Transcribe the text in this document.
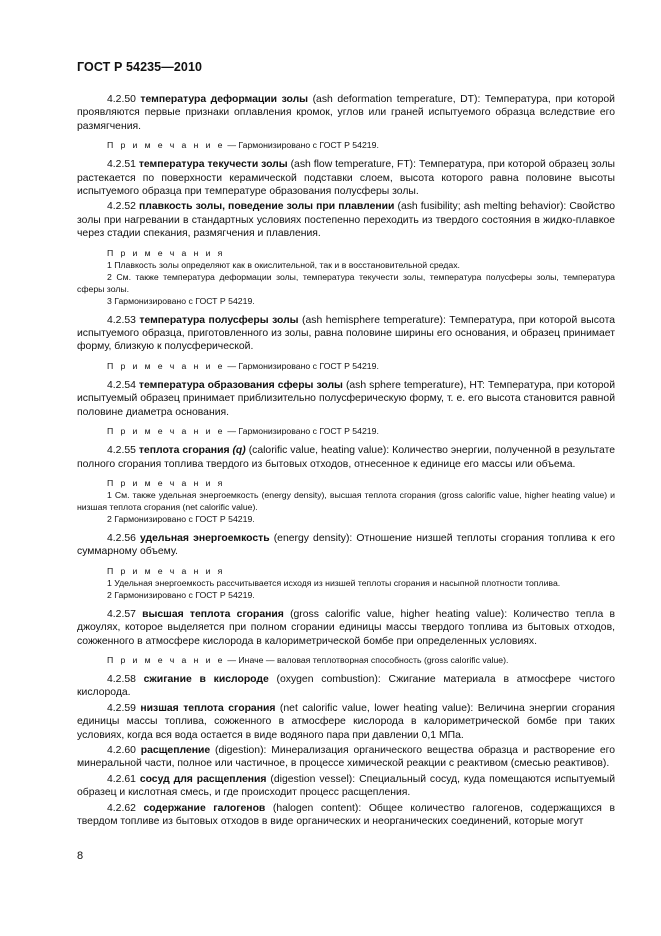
ГОСТ Р 54235—2010

4.2.50 температура деформации золы (ash deformation temperature, DT): Температура, при которой проявляются первые признаки оплавления кромок, углов или граней испытуемого образца вследствие его размягчения.

П р и м е ч а н и е — Гармонизировано с ГОСТ Р 54219.

4.2.51 температура текучести золы (ash flow temperature, FT): Температура, при которой образец золы растекается по поверхности керамической подставки слоем, высота которого равна половине высоты испытуемого образца при температуре образования полусферы золы.

4.2.52 плавкость золы, поведение золы при плавлении (ash fusibility; ash melting behavior): Свойство золы при нагревании в стандартных условиях постепенно переходить из твердого состояния в жидко-плавкое через стадии спекания, размягчения и плавления.

П р и м е ч а н и я

1 Плавкость золы определяют как в окислительной, так и в восстановительной средах.

2 См. также температура деформации золы, температура текучести золы, температура полусферы золы, температура сферы золы.

3 Гармонизировано с ГОСТ Р 54219.

4.2.53 температура полусферы золы (ash hemisphere temperature): Температура, при которой высота испытуемого образца, приготовленного из золы, равна половине ширины его основания, и образец принимает форму, близкую к полусферической.

П р и м е ч а н и е — Гармонизировано с ГОСТ Р 54219.

4.2.54 температура образования сферы золы (ash sphere temperature), HT: Температура, при которой испытуемый образец принимает приблизительно полусферическую форму, т. е. его высота становится равной половине диаметра основания.

П р и м е ч а н и е — Гармонизировано с ГОСТ Р 54219.

4.2.55 теплота сгорания (q) (calorific value, heating value): Количество энергии, полученной в результате полного сгорания топлива твердого из бытовых отходов, отнесенное к единице его массы или объема.

П р и м е ч а н и я

1 См. также удельная энергоемкость (energy density), высшая теплота сгорания (gross calorific value, higher heating value) и низшая теплота сгорания (net calorific value).

2 Гармонизировано с ГОСТ Р 54219.

4.2.56 удельная энергоемкость (energy density): Отношение низшей теплоты сгорания топлива к его суммарному объему.

П р и м е ч а н и я

1 Удельная энергоемкость рассчитывается исходя из низшей теплоты сгорания и насыпной плотности топлива.

2 Гармонизировано с ГОСТ Р 54219.

4.2.57 высшая теплота сгорания (gross calorific value, higher heating value): Количество тепла в джоулях, которое выделяется при полном сгорании единицы массы твердого топлива из бытовых отходов, сожженного в атмосфере кислорода в калориметрической бомбе при определенных условиях.

П р и м е ч а н и е — Иначе — валовая теплотворная способность (gross calorific value).

4.2.58 сжигание в кислороде (oxygen combustion): Сжигание материала в атмосфере чистого кислорода.

4.2.59 низшая теплота сгорания (net calorific value, lower heating value): Величина энергии сгорания единицы массы топлива, сожженного в атмосфере кислорода в калориметрической бомбе при таких условиях, когда вся вода остается в виде водяного пара при давлении 0,1 МПа.

4.2.60 расщепление (digestion): Минерализация органического вещества образца и растворение его минеральной части, полное или частичное, в процессе химической реакции с реактивом (смесью реактивов).

4.2.61 сосуд для расщепления (digestion vessel): Специальный сосуд, куда помещаются испытуемый образец и кислотная смесь, и где происходит процесс расщепления.

4.2.62 содержание галогенов (halogen content): Общее количество галогенов, содержащихся в твердом топливе из бытовых отходов в виде органических и неорганических соединений, которые могут

8
